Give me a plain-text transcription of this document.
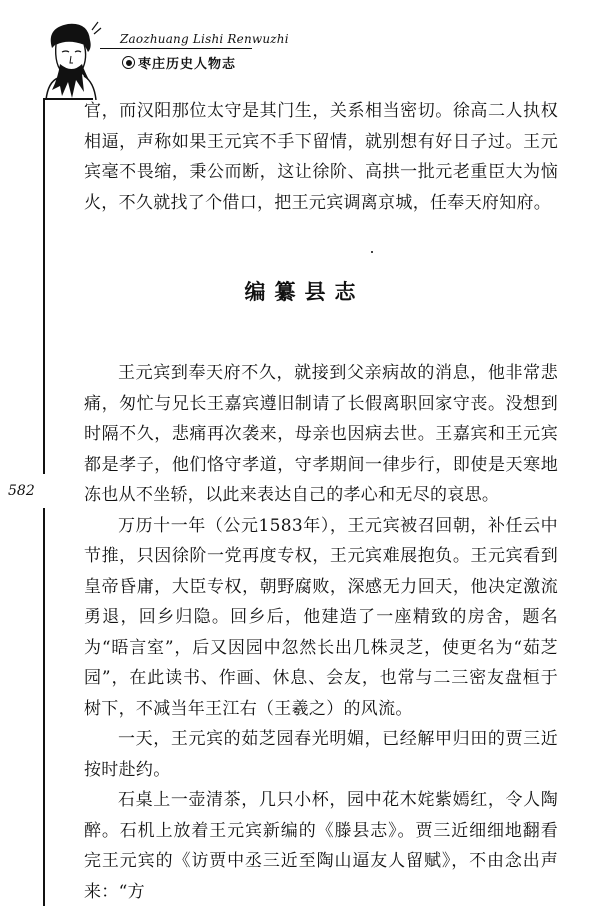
Zaozhuang Lishi Renwuzhi
枣庄历史人物志
582

官，而汉阳那位太守是其门生，关系相当密切。徐高二人执权相逼，声称如果王元宾不手下留情，就别想有好日子过。王元宾毫不畏缩，秉公而断，这让徐阶、高拱一批元老重臣大为恼火，不久就找了个借口，把王元宾调离京城，任奉天府知府。

编纂县志

王元宾到奉天府不久，就接到父亲病故的消息，他非常悲痛，匆忙与兄长王嘉宾遵旧制请了长假离职回家守丧。没想到时隔不久，悲痛再次袭来，母亲也因病去世。王嘉宾和王元宾都是孝子，他们恪守孝道，守孝期间一律步行，即使是天寒地冻也从不坐轿，以此来表达自己的孝心和无尽的哀思。

万历十一年（公元1583年），王元宾被召回朝，补任云中节推，只因徐阶一党再度专权，王元宾难展抱负。王元宾看到皇帝昏庸，大臣专权，朝野腐败，深感无力回天，他决定激流勇退，回乡归隐。回乡后，他建造了一座精致的房舍，题名为“晤言室”，后又因园中忽然长出几株灵芝，使更名为“茹芝园”，在此读书、作画、休息、会友，也常与二三密友盘桓于树下，不减当年王江右（王羲之）的风流。

一天，王元宾的茹芝园春光明媚，已经解甲归田的贾三近按时赴约。

石桌上一壶清茶，几只小杯，园中花木姹紫嫣红，令人陶醉。石机上放着王元宾新编的《滕县志》。贾三近细细地翻看完王元宾的《访贾中丞三近至陶山逼友人留赋》，不由念出声来：“方
